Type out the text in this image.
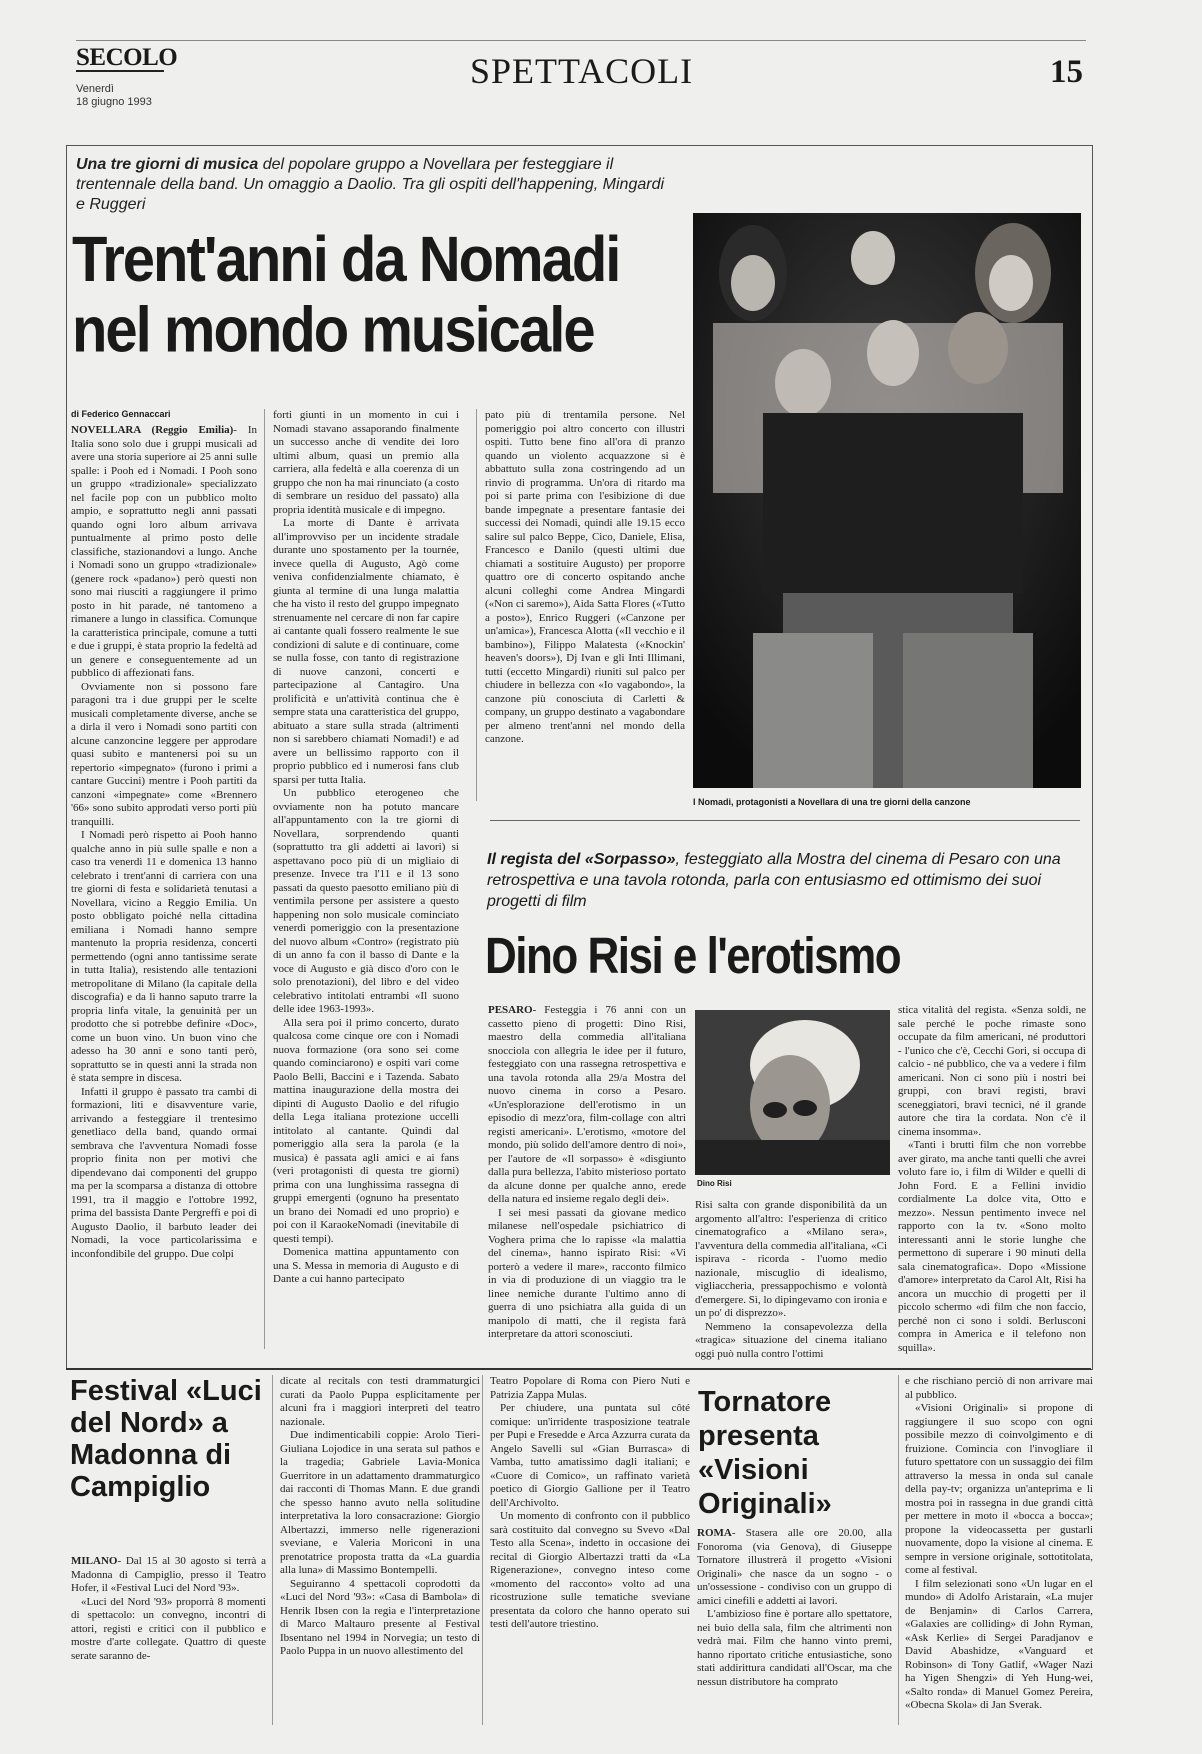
SECOLO
Venerdì
18 giugno 1993
SPETTACOLI	15
Una tre giorni di musica del popolare gruppo a Novellara per festeggiare il trentennale della band. Un omaggio a Daolio. Tra gli ospiti dell'happening, Mingardi e Ruggeri
Trent'anni da Nomadi
nel mondo musicale
di Federico Gennaccari

NOVELLARA (Reggio Emilia)- In Italia sono solo due i gruppi musicali ad avere una storia superiore ai 25 anni sulle spalle: i Pooh ed i Nomadi. I Pooh sono un gruppo «tradizionale» specializzato nel facile pop con un pubblico molto ampio, e soprattutto negli anni passati quando ogni loro album arrivava puntualmente al primo posto delle classifiche, stazionandovi a lungo. Anche i Nomadi sono un gruppo «tradizionale» (genere rock «padano») però questi non sono mai riusciti a raggiungere il primo posto in hit parade, né tantomeno a rimanere a lungo in classifica. Comunque la caratteristica principale, comune a tutti e due i gruppi, è stata proprio la fedeltà ad un genere e conseguentemente ad un pubblico di affezionati fans.

Ovviamente non si possono fare paragoni tra i due gruppi per le scelte musicali completamente diverse, anche se a dirla il vero i Nomadi sono partiti con alcune canzoncine leggere per approdare quasi subito e mantenersi poi su un repertorio «impegnato» (furono i primi a cantare Guccini) mentre i Pooh partiti da canzoni «impegnate» come «Brennero '66» sono subito approdati verso porti più tranquilli.

I Nomadi però rispetto ai Pooh hanno qualche anno in più sulle spalle e non a caso tra venerdì 11 e domenica 13 hanno celebrato i trent'anni di carriera con una tre giorni di festa e solidarietà tenutasi a Novellara, vicino a Reggio Emilia. Un posto obbligato poiché nella cittadina emiliana i Nomadi hanno sempre mantenuto la propria residenza, concerti permettendo (ogni anno tantissime serate in tutta Italia), resistendo alle tentazioni metropolitane di Milano (la capitale della discografia) e da lì hanno saputo trarre la propria linfa vitale, la genuinità per un prodotto che si potrebbe definire «Doc», come un buon vino. Un buon vino che adesso ha 30 anni e sono tanti però, soprattutto se in questi anni la strada non è stata sempre in discesa.

Infatti il gruppo è passato tra cambi di formazioni, liti e disavventure varie, arrivando a festeggiare il trentesimo genetliaco della band, quando ormai sembrava che l'avventura Nomadi fosse proprio finita non per motivi che dipendevano dai componenti del gruppo ma per la scomparsa a distanza di ottobre 1991, tra il maggio e l'ottobre 1992, prima del bassista Dante Pergreffi e poi di Augusto Daolio, il barbuto leader dei Nomadi, la voce particolarissima e inconfondibile del gruppo. Due colpi

forti giunti in un momento in cui i Nomadi stavano assaporando finalmente un successo anche di vendite dei loro ultimi album, quasi un premio alla carriera, alla fedeltà e alla coerenza di un gruppo che non ha mai rinunciato (a costo di sembrare un residuo del passato) alla propria identità musicale e di impegno.

La morte di Dante è arrivata all'improvviso per un incidente stradale durante uno spostamento per la tournée, invece quella di Augusto, Agò come veniva confidenzialmente chiamato, è giunta al termine di una lunga malattia che ha visto il resto del gruppo impegnato strenuamente nel cercare di non far capire ai cantante quali fossero realmente le sue condizioni di salute e di continuare, come se nulla fosse, con tanto di registrazione di nuove canzoni, concerti e partecipazione al Cantagiro. Una prolificità e un'attività continua che è sempre stata una caratteristica del gruppo, abituato a stare sulla strada (altrimenti non si sarebbero chiamati Nomadi!) e ad avere un bellissimo rapporto con il proprio pubblico ed i numerosi fans club sparsi per tutta Italia.

Un pubblico eterogeneo che ovviamente non ha potuto mancare all'appuntamento con la tre giorni di Novellara, sorprendendo quanti (soprattutto tra gli addetti ai lavori) si aspettavano poco più di un migliaio di presenze. Invece tra l'11 e il 13 sono passati da questo paesotto emiliano più di ventimila persone per assistere a questo happening non solo musicale cominciato venerdì pomeriggio con la presentazione del nuovo album «Contro» (registrato più di un anno fa con il basso di Dante e la voce di Augusto e già disco d'oro con le solo prenotazioni), del libro e del video celebrativo intitolati entrambi «Il suono delle idee 1963-1993».

Alla sera poi il primo concerto, durato qualcosa come cinque ore con i Nomadi nuova formazione (ora sono sei come quando cominciarono) e ospiti vari come Paolo Belli, Baccini e i Tazenda. Sabato mattina inaugurazione della mostra dei dipinti di Augusto Daolio e del rifugio della Lega italiana protezione uccelli intitolato al cantante. Quindi dal pomeriggio alla sera la parola (e la musica) è passata agli amici e ai fans (veri protagonisti di questa tre giorni) prima con una lunghissima rassegna di gruppi emergenti (ognuno ha presentato un brano dei Nomadi ed uno proprio) e poi con il KaraokeNomadi (inevitabile di questi tempi).

Domenica mattina appuntamento con una S. Messa in memoria di Augusto e di Dante a cui hanno partecipato

pato più di trentamila persone. Nel pomeriggio poi altro concerto con illustri ospiti. Tutto bene fino all'ora di pranzo quando un violento acquazzone si è abbattuto sulla zona costringendo ad un rinvio di programma. Un'ora di ritardo ma poi si parte prima con l'esibizione di due bande impegnate a presentare fantasie dei successi dei Nomadi, quindi alle 19.15 ecco salire sul palco Beppe, Cico, Daniele, Elisa, Francesco e Danilo (questi ultimi due chiamati a sostituire Augusto) per proporre quattro ore di concerto ospitando anche alcuni colleghi come Andrea Mingardi («Non ci saremo»), Aida Satta Flores («Tutto a posto»), Enrico Ruggeri («Canzone per un'amica»), Francesca Alotta («Il vecchio e il bambino»), Filippo Malatesta («Knockin' heaven's doors»), Dj Ivan e gli Inti Illimani, tutti (eccetto Mingardi) riuniti sul palco per chiudere in bellezza con «Io vagabondo», la canzone più conosciuta di Carletti & company, un gruppo destinato a vagabondare per almeno trent'anni nel mondo della canzone.

I Nomadi, protagonisti a Novellara di una tre giorni della canzone
Il regista del «Sorpasso», festeggiato alla Mostra del cinema di Pesaro con una retrospettiva e una tavola rotonda, parla con entusiasmo ed ottimismo dei suoi progetti di film
Dino Risi e l'erotismo

PESARO- Festeggia i 76 anni con un cassetto pieno di progetti: Dino Risi, maestro della commedia all'italiana snocciola con allegria le idee per il futuro, festeggiato con una rassegna retrospettiva e una tavola rotonda alla 29/a Mostra del nuovo cinema in corso a Pesaro. «Un'esplorazione dell'erotismo in un episodio di mezz'ora, film-collage con altri registi americani». L'erotismo, «motore del mondo, più solido dell'amore dentro di noi», per l'autore de «Il sorpasso» è «disgiunto dalla pura bellezza, l'abito misterioso portato da alcune donne per qualche anno, erede della natura ed insieme regalo degli dei».

I sei mesi passati da giovane medico milanese nell'ospedale psichiatrico di Voghera prima che lo rapisse «la malattia del cinema», hanno ispirato Risi: «Vi porterò a vedere il mare», racconto filmico in via di produzione di un viaggio tra le linee nemiche durante l'ultimo anno di guerra di uno psichiatra alla guida di un manipolo di matti, che il regista farà interpretare da attori sconosciuti.

Dino Risi

Risi salta con grande disponibilità da un argomento all'altro: l'esperienza di critico cinematografico a «Milano sera», l'avventura della commedia all'italiana, «Ci ispirava - ricorda - l'uomo medio nazionale, miscuglio di idealismo, vigliaccheria, pressappochismo e volontà d'emergere. Sì, lo dipingevamo con ironia e un po' di disprezzo».

Nemmeno la consapevolezza della «tragica» situazione del cinema italiano oggi può nulla contro l'ottimi

stica vitalità del regista. «Senza soldi, ne sale perché le poche rimaste sono occupate da film americani, né produttori - l'unico che c'è, Cecchi Gori, si occupa di calcio - né pubblico, che va a vedere i film americani. Non ci sono più i nostri bei gruppi, con bravi registi, bravi sceneggiatori, bravi tecnici, né il grande autore che tira la cordata. Non c'è il cinema insomma».

«Tanti i brutti film che non vorrebbe aver girato, ma anche tanti quelli che avrei voluto fare io, i film di Wilder e quelli di John Ford. E a Fellini invidio cordialmente La dolce vita, Otto e mezzo». Nessun pentimento invece nel rapporto con la tv. «Sono molto interessanti anni le storie lunghe che permettono di superare i 90 minuti della sala cinematografica». Dopo «Missione d'amore» interpretato da Carol Alt, Risi ha ancora un mucchio di progetti per il piccolo schermo «di film che non faccio, perché non ci sono i soldi. Berlusconi compra in America e il telefono non squilla».

Festival «Luci del Nord» a Madonna di Campiglio

MILANO- Dal 15 al 30 agosto si terrà a Madonna di Campiglio, presso il Teatro Hofer, il «Festival Luci del Nord '93».

«Luci del Nord '93» proporrà 8 momenti di spettacolo: un convegno, incontri di attori, registi e critici con il pubblico e mostre d'arte collegate. Quattro di queste serate saranno de-

dicate al recitals con testi drammaturgici curati da Paolo Puppa esplicitamente per alcuni fra i maggiori interpreti del teatro nazionale.

Due indimenticabili coppie: Arolo Tieri-Giuliana Lojodice in una serata sul pathos e la tragedia; Gabriele Lavia-Monica Guerritore in un adattamento drammaturgico dai racconti di Thomas Mann. E due grandi che spesso hanno avuto nella solitudine interpretativa la loro consacrazione: Giorgio Albertazzi, immerso nelle rigenerazioni sveviane, e Valeria Moriconi in una prenotatrice proposta tratta da «La guardia alla luna» di Massimo Bontempelli.

Seguiranno 4 spettacoli coprodotti da «Luci del Nord '93»: «Casa di Bambola» di Henrik Ibsen con la regia e l'interpretazione di Marco Maltauro presente al Festival Ibsentano nel 1994 in Norvegia; un testo di Paolo Puppa in un nuovo allestimento del

Teatro Popolare di Roma con Piero Nuti e Patrizia Zappa Mulas.

Per chiudere, una puntata sul côté comique: un'irridente trasposizione teatrale per Pupi e Fresedde e Arca Azzurra curata da Angelo Savelli sul «Gian Burrasca» di Vamba, tutto amatissimo dagli italiani; e «Cuore di Comico», un raffinato varietà poetico di Giorgio Gallione per il Teatro dell'Archivolto.

Un momento di confronto con il pubblico sarà costituito dal convegno su Svevo «Dal Testo alla Scena», indetto in occasione dei recital di Giorgio Albertazzi tratti da «La Rigenerazione», convegno inteso come «momento del racconto» volto ad una ricostruzione sulle tematiche sveviane presentata da coloro che hanno operato sui testi dell'autore triestino.

Tornatore presenta «Visioni Originali»

ROMA- Stasera alle ore 20.00, alla Fonoroma (via Genova), di Giuseppe Tornatore illustrerà il progetto «Visioni Originali» che nasce da un sogno - o un'ossessione - condiviso con un gruppo di amici cinefili e addetti ai lavori.

L'ambizioso fine è portare allo spettatore, nei buio della sala, film che altrimenti non vedrà mai. Film che hanno vinto premi, hanno riportato critiche entusiastiche, sono stati addirittura candidati all'Oscar, ma che nessun distributore ha comprato

e che rischiano perciò di non arrivare mai al pubblico.

«Visioni Originali» si propone di raggiungere il suo scopo con ogni possibile mezzo di coinvolgimento e di fruizione. Comincia con l'invogliare il futuro spettatore con un sussaggio dei film attraverso la messa in onda sul canale della pay-tv; organizza un'anteprima e li mostra poi in rassegna in due grandi città per mettere in moto il «bocca a bocca»; propone la videocassetta per gustarli nuovamente, dopo la visione al cinema. E sempre in versione originale, sottotitolata, come al festival.

I film selezionati sono «Un lugar en el mundo» di Adolfo Aristarain, «La mujer de Benjamin» di Carlos Carrera, «Galaxies are colliding» di John Ryman, «Ask Kerlie» di Sergei Paradjanov e David Abashidze, «Vanguard et Robinson» di Tony Gatlif, «Wager Nazi ha Yigen Shengzi» di Yeh Hung-wei, «Salto ronda» di Manuel Gomez Pereira, «Obecna Skola» di Jan Sverak.
